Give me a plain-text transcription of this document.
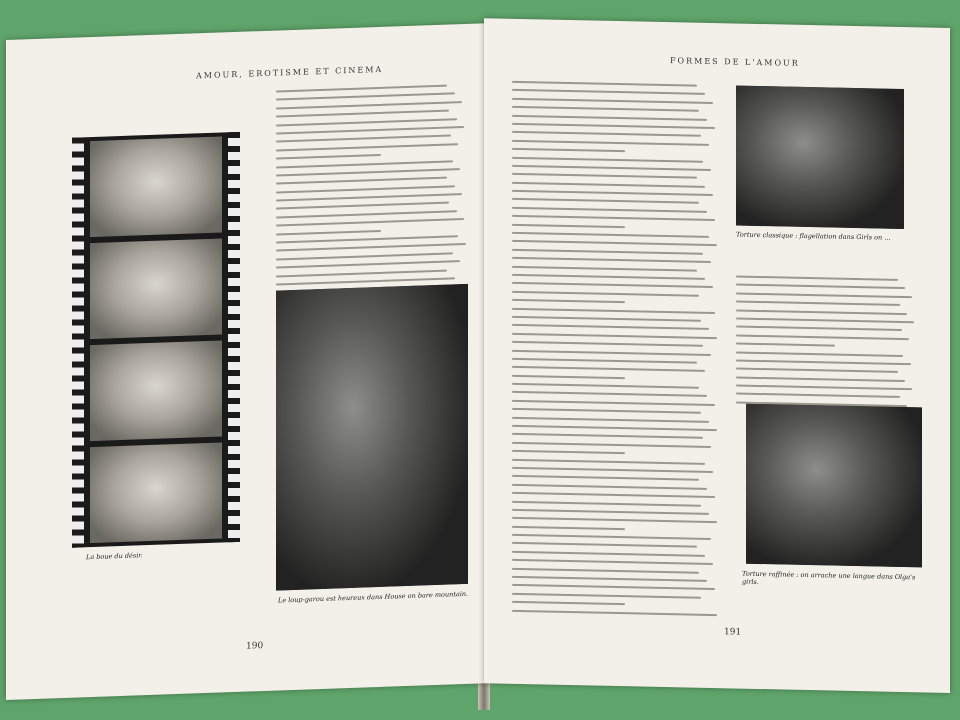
AMOUR, EROTISME ET CINEMA
La boue du désir.
Le loup-garou est heureux dans House on bare mountain.
190
FORMES DE L'AMOUR
Torture classique : flagellation dans Girls on ...
Torture raffinée : on arrache une langue dans Olga's girls.
191
